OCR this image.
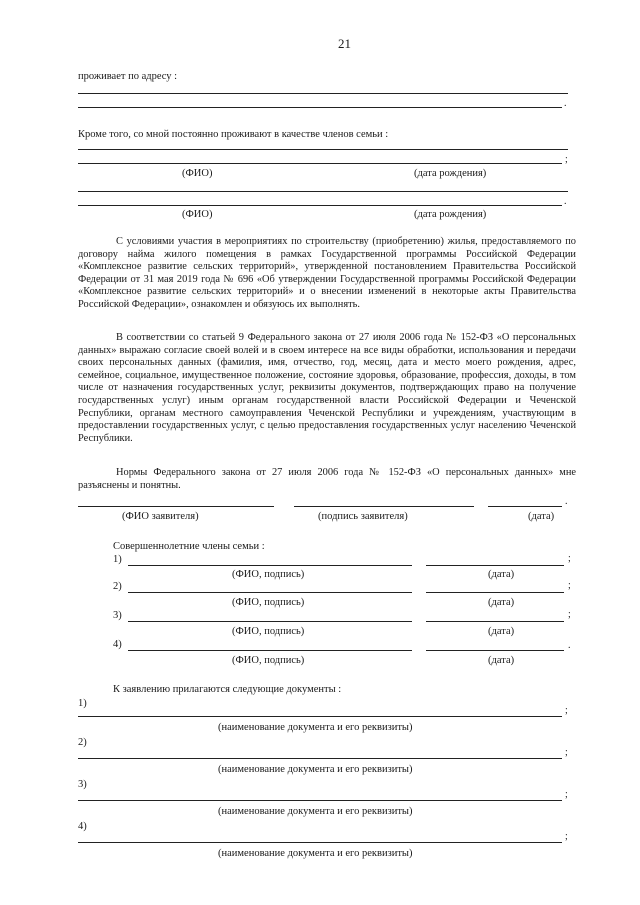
21
проживает по адресу :
.
Кроме того, со мной постоянно проживают в качестве членов семьи :
;
(ФИО)	(дата рождения)
.
(ФИО)	(дата рождения)
С условиями участия в мероприятиях по строительству (приобретению) жилья, предоставляемого по договору найма жилого помещения в рамках Государственной программы Российской Федерации «Комплексное развитие сельских территорий», утвержденной постановлением Правительства Российской Федерации от 31 мая 2019 года № 696 «Об утверждении Государственной программы Российской Федерации «Комплексное развитие сельских территорий» и о внесении изменений в некоторые акты Правительства Российской Федерации», ознакомлен и обязуюсь их выполнять.
В соответствии со статьей 9 Федерального закона от 27 июля 2006 года № 152-ФЗ «О персональных данных» выражаю согласие своей волей и в своем интересе на все виды обработки, использования и передачи своих персональных данных (фамилия, имя, отчество, год, месяц, дата и место моего рождения, адрес, семейное, социальное, имущественное положение, состояние здоровья, образование, профессия, доходы, в том числе от назначения государственных услуг, реквизиты документов, подтверждающих право на получение государственных услуг) иным органам государственной власти Российской Федерации и Чеченской Республики, органам местного самоуправления Чеченской Республики и учреждениям, участвующим в предоставлении государственных услуг, с целью предоставления государственных услуг населению Чеченской Республики.
Нормы Федерального закона от 27 июля 2006 года № 152-ФЗ «О персональных данных» мне разъяснены и понятны.
.
(ФИО заявителя)	(подпись заявителя)	(дата)
Совершеннолетние члены семьи :
1)	;
(ФИО, подпись)	(дата)
2)	;
(ФИО, подпись)	(дата)
3)	;
(ФИО, подпись)	(дата)
4)	.
(ФИО, подпись)	(дата)
К заявлению прилагаются следующие документы :
1)
;
(наименование документа и его реквизиты)
2)
;
(наименование документа и его реквизиты)
3)
;
(наименование документа и его реквизиты)
4)
;
(наименование документа и его реквизиты)
